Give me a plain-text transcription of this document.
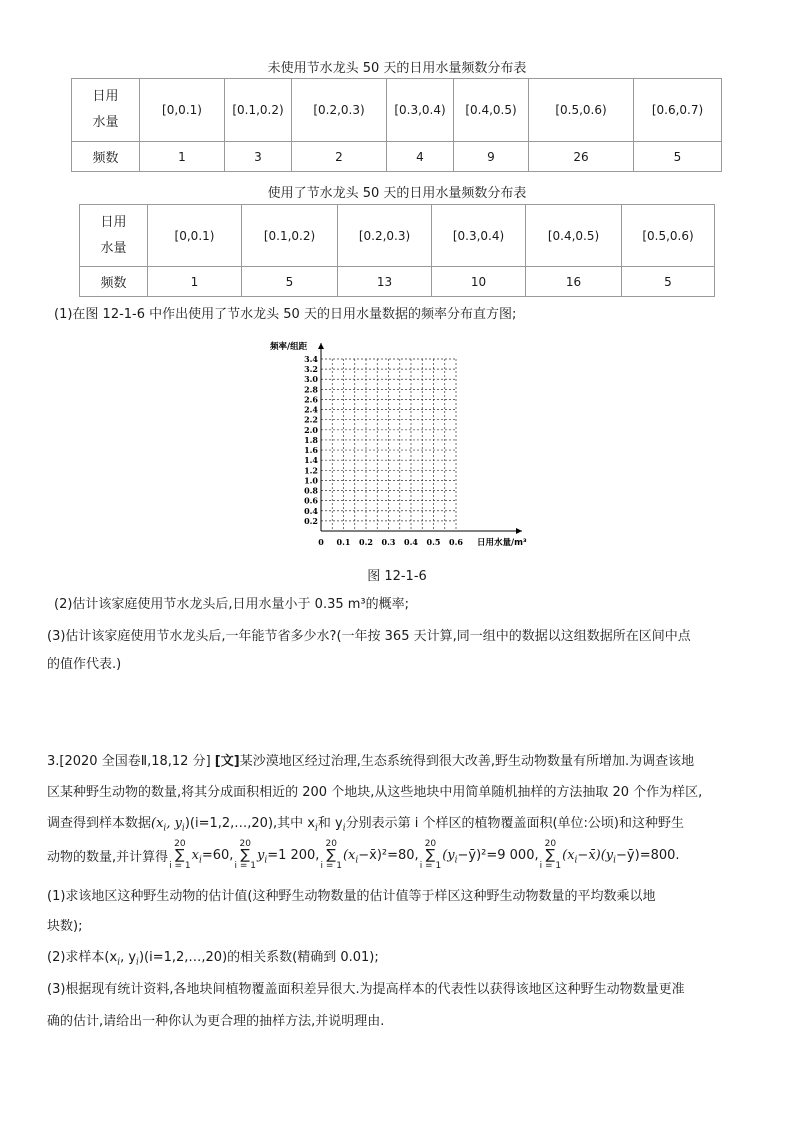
未使用节水龙头 50 天的日用水量频数分布表
日用
水量	[0,0.1)	[0.1,0.2)	[0.2,0.3)	[0.3,0.4)	[0.4,0.5)	[0.5,0.6)	[0.6,0.7)
频数	1	3	2	4	9	26	5
使用了节水龙头 50 天的日用水量频数分布表
日用
水量	[0,0.1)	[0.1,0.2)	[0.2,0.3)	[0.3,0.4)	[0.4,0.5)	[0.5,0.6)
频数	1	5	13	10	16	5
(1)在图 12-1-6 中作出使用了节水龙头 50 天的日用水量数据的频率分布直方图;
0.2
0.4
0.6
0.8
1.0
1.2
1.4
1.6
1.8
2.0
2.2
2.4
2.6
2.8
3.0
3.2
3.4
0 0.1 0.2 0.3 0.4 0.5 0.6
频率/组距
日用水量/m³
图 12-1-6
(2)估计该家庭使用节水龙头后,日用水量小于 0.35 m³的概率;
(3)估计该家庭使用节水龙头后,一年能节省多少水?(一年按 365 天计算,同一组中的数据以这组数据所在区间中点
的值作代表.)
3.[2020 全国卷Ⅱ,18,12 分] [文]某沙漠地区经过治理,生态系统得到很大改善,野生动物数量有所增加.为调查该地
区某种野生动物的数量,将其分成面积相近的 200 个地块,从这些地块中用简单随机抽样的方法抽取 20 个作为样区,
调查得到样本数据($x_i$, $y_i)(i=1,2,\dots,20)$,其中 $x_i$和 $y_i$分别表示第 i 个样区的植物覆盖面积(单位:公顷)和这种野生
动物的数量,并计算得
20
∑
i = 1
$x_i=60$,
20
∑
i = 1
$y_i=1$ 200,
20
∑
i = 1
$(x_i-x̄)^2=80$,
20
∑
i = 1
$(y_i-ȳ)^2=9$ 000,
20
∑
i = 1
$(x_i-x̄)(y_i-ȳ)=800$.
(1)求该地区这种野生动物的估计值(这种野生动物数量的估计值等于样区这种野生动物数量的平均数乘以地
块数);
(2)求样本($x_i$, $y_i)(i=1,2,\dots,20)$的相关系数(精确到 0.01);
(3)根据现有统计资料,各地块间植物覆盖面积差异很大.为提高样本的代表性以获得该地区这种野生动物数量更准
确的估计,请给出一种你认为更合理的抽样方法,并说明理由.
